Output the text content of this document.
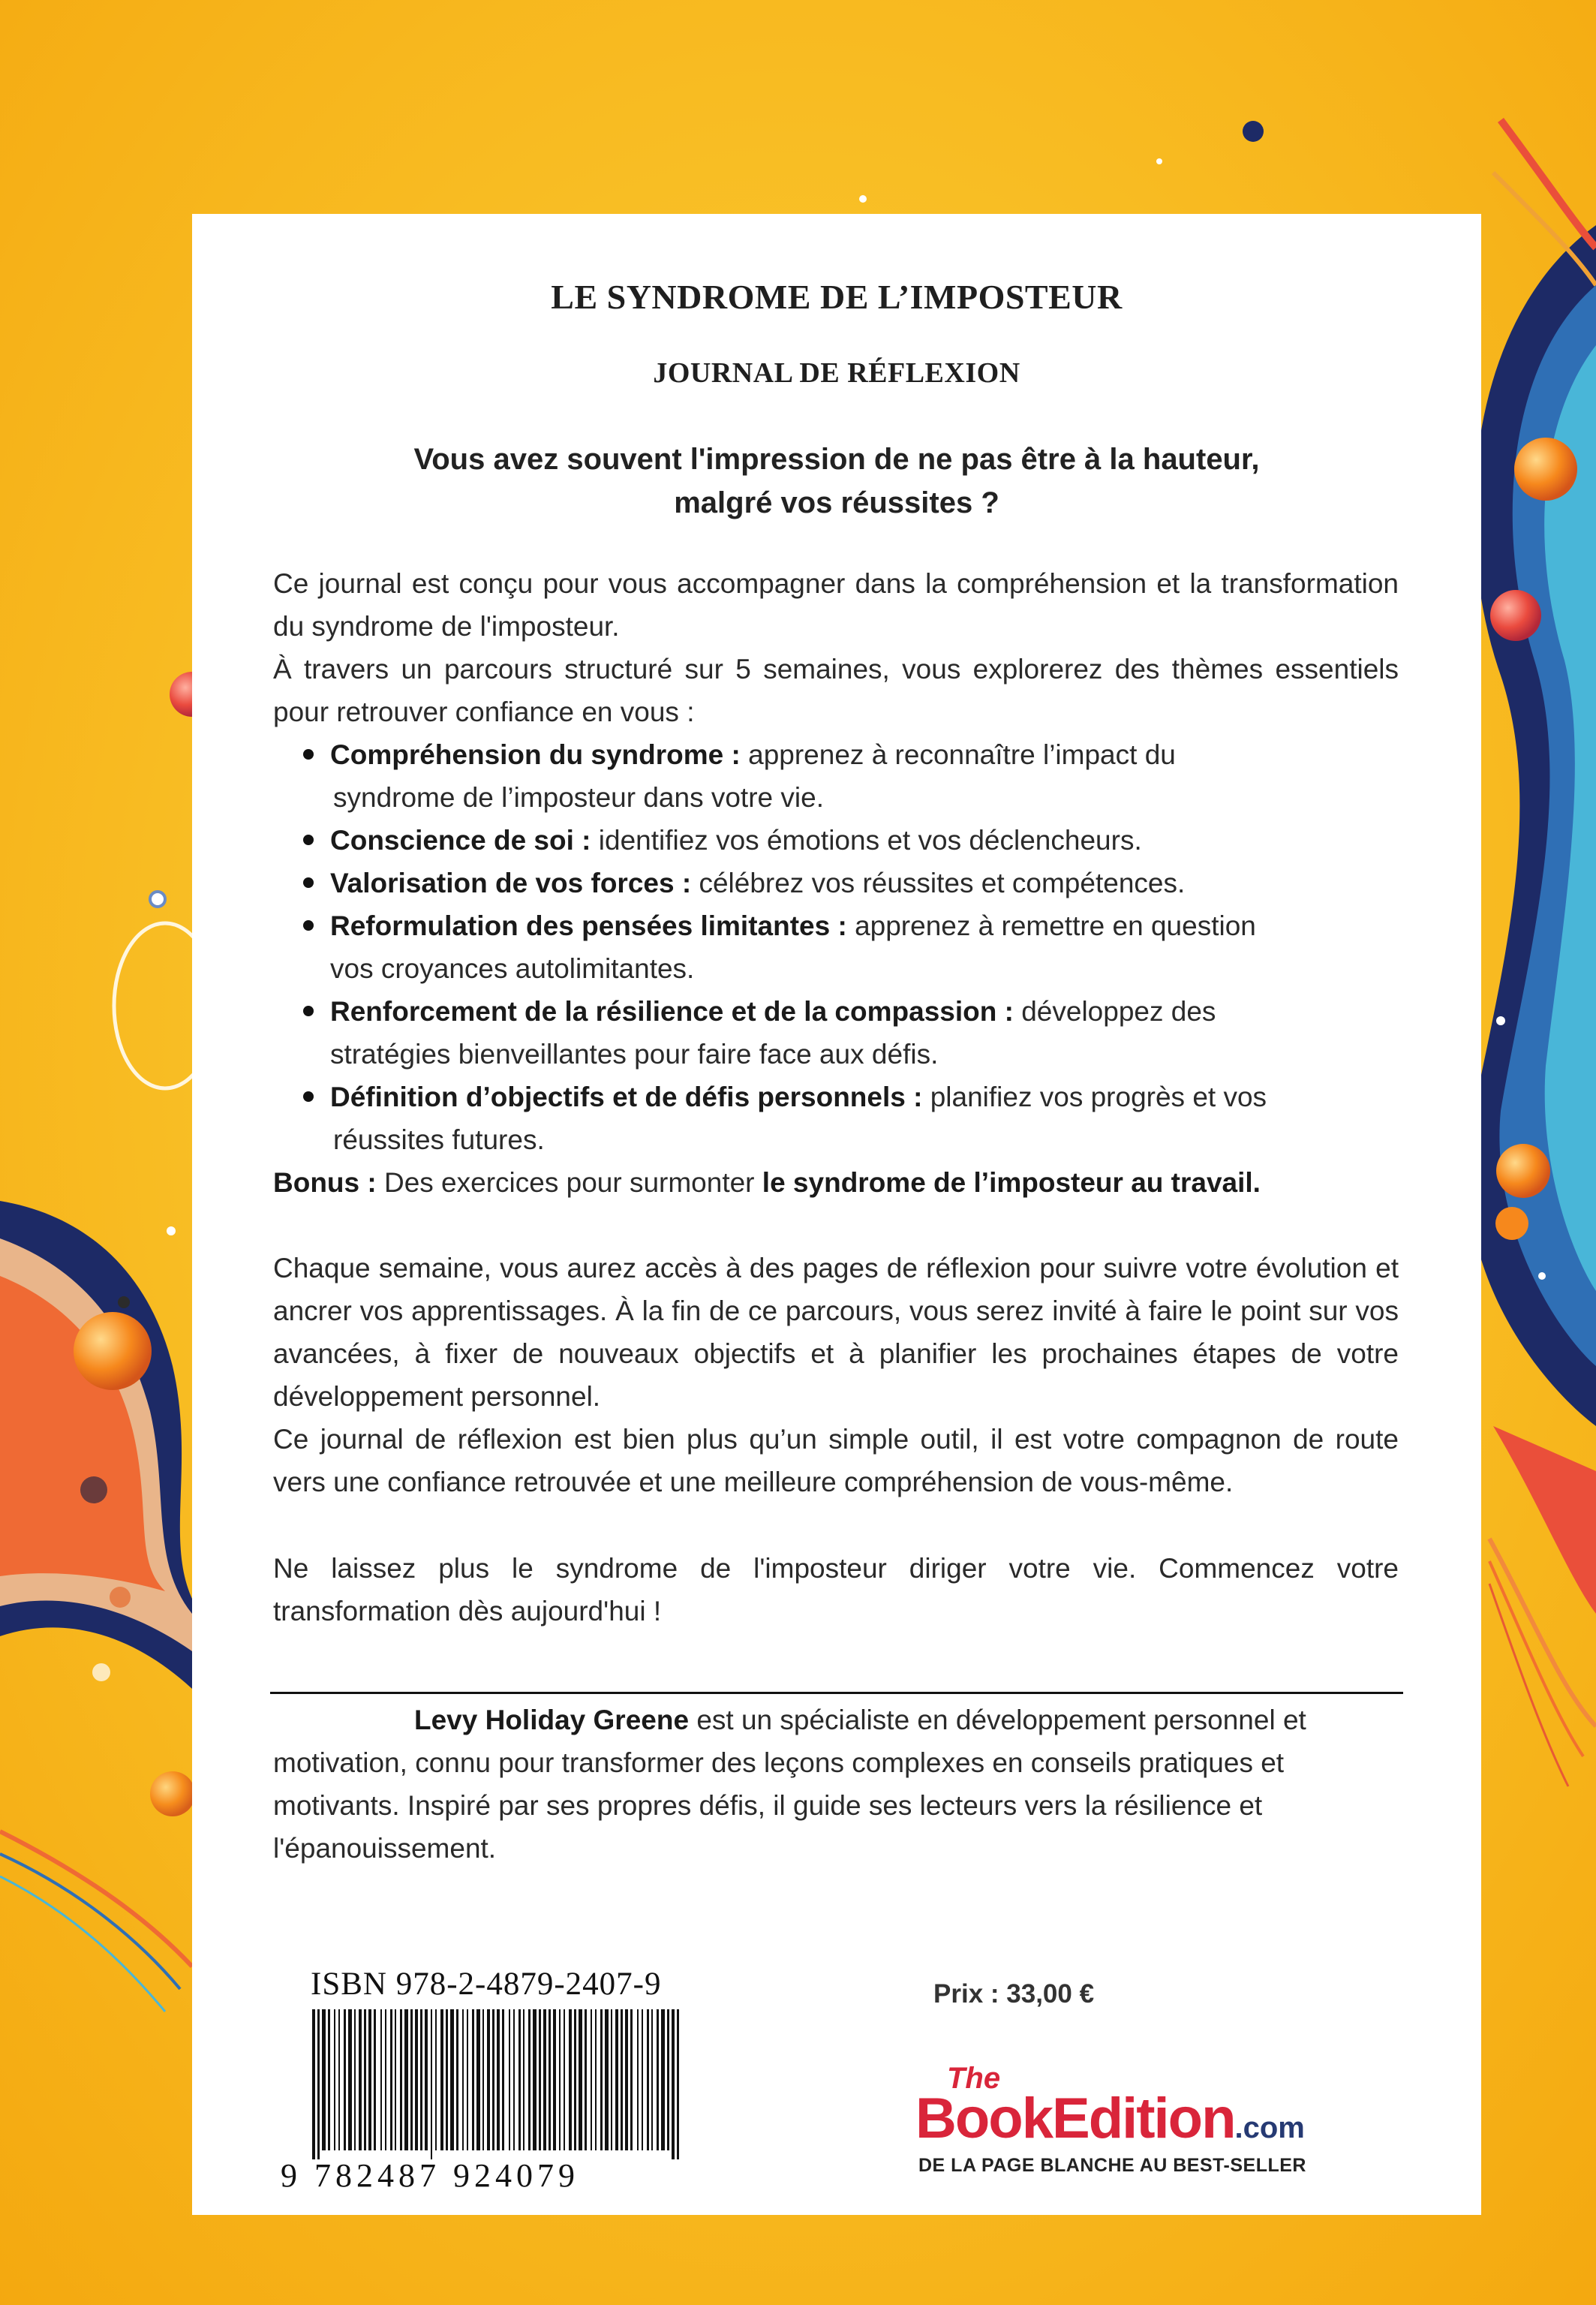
LE SYNDROME DE L’IMPOSTEUR
JOURNAL DE RÉFLEXION
Vous avez souvent l'impression de ne pas être à la hauteur,
malgré vos réussites ?

Ce journal est conçu pour vous accompagner dans la compréhension et la transformation du syndrome de l'imposteur.

À travers un parcours structuré sur 5 semaines, vous explorerez des thèmes essentiels pour retrouver confiance en vous :

Compréhension du syndrome : apprenez à reconnaître l’impact du
syndrome de l’imposteur dans votre vie.
Conscience de soi : identifiez vos émotions et vos déclencheurs.
Valorisation de vos forces : célébrez vos réussites et compétences.
Reformulation des pensées limitantes : apprenez à remettre en question
vos croyances autolimitantes.
Renforcement de la résilience et de la compassion : développez des
stratégies bienveillantes pour faire face aux défis.
Définition d’objectifs et de défis personnels : planifiez vos progrès et vos
réussites futures.
Bonus : Des exercices pour surmonter le syndrome de l’imposteur au travail.

Chaque semaine, vous aurez accès à des pages de réflexion pour suivre votre évolution et ancrer vos apprentissages. À la fin de ce parcours, vous serez invité à faire le point sur vos avancées, à fixer de nouveaux objectifs et à planifier les prochaines étapes de votre développement personnel.

Ce journal de réflexion est bien plus qu’un simple outil, il est votre compagnon de route vers une confiance retrouvée et une meilleure compréhension de vous-même.

Ne laissez plus le syndrome de l'imposteur diriger votre vie. Commencez votre transformation dès aujourd'hui !

Levy Holiday Greene est un spécialiste en développement personnel et motivation, connu pour transformer des leçons complexes en conseils pratiques et motivants. Inspiré par ses propres défis, il guide ses lecteurs vers la résilience et l'épanouissement.

ISBN 978-2-4879-2407-9
9 782487 924079
Prix : 33,00 €
The
BookEdition.com
DE LA PAGE BLANCHE AU BEST-SELLER
